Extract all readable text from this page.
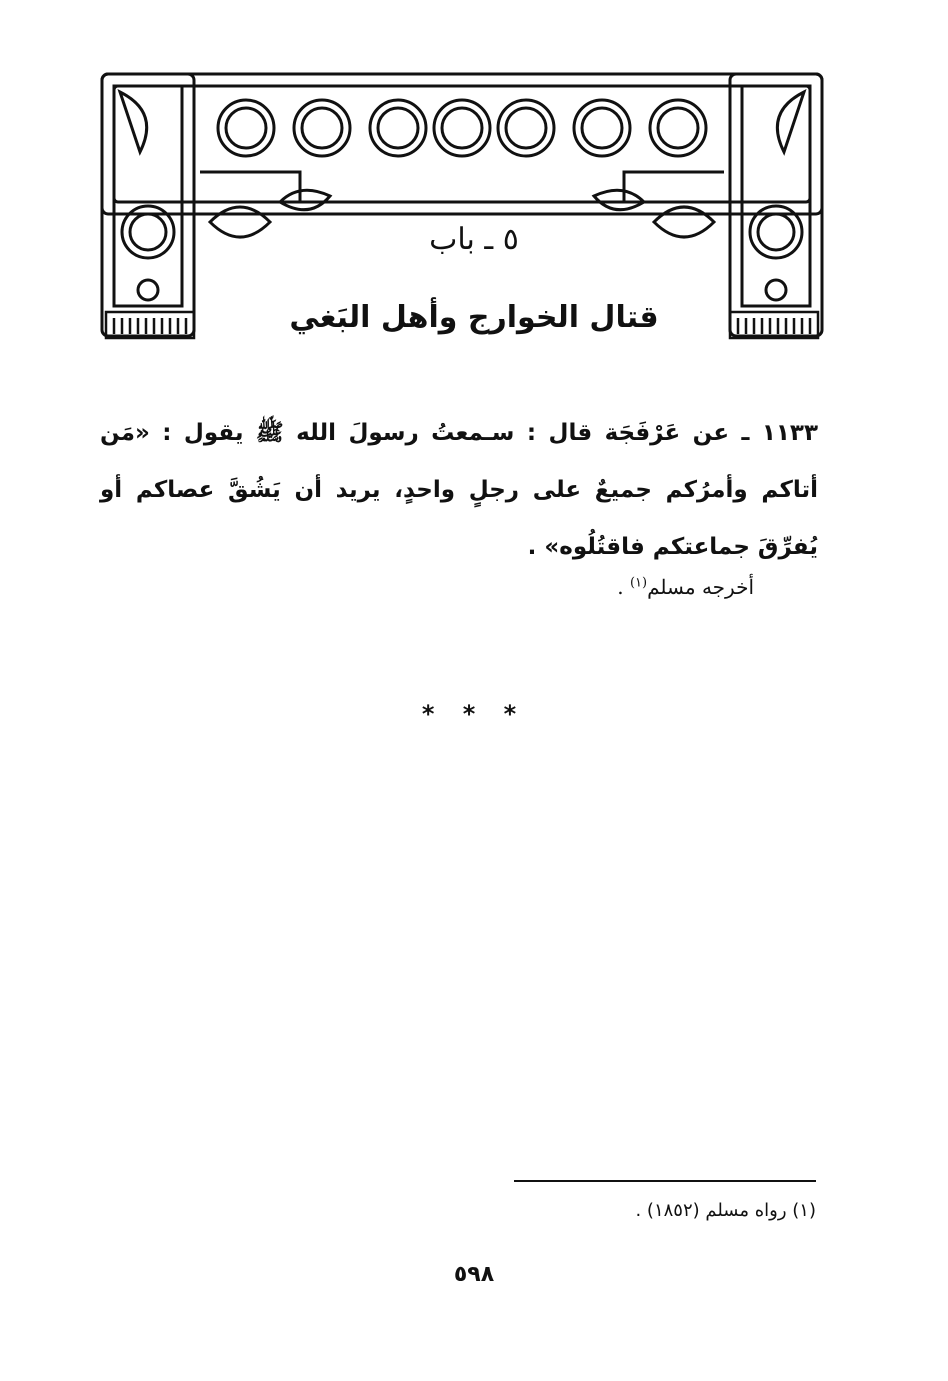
٥ ـ باب
قتال الخوارج وأهل البَغي
١١٣٣ ـ عن عَرْفَجَة قال : سـمعتُ رسولَ الله ﷺ يقول : «مَن أتاكم وأمرُكم جميعٌ على رجلٍ واحدٍ، يريد أن يَشُقَّ عصاكم أو يُفرِّقَ جماعتكم فاقتُلُوه» .
أخرجه مسلم$^{(١)}$ .
* * *
(١) رواه مسلم (١٨٥٢) .
٥٩٨
